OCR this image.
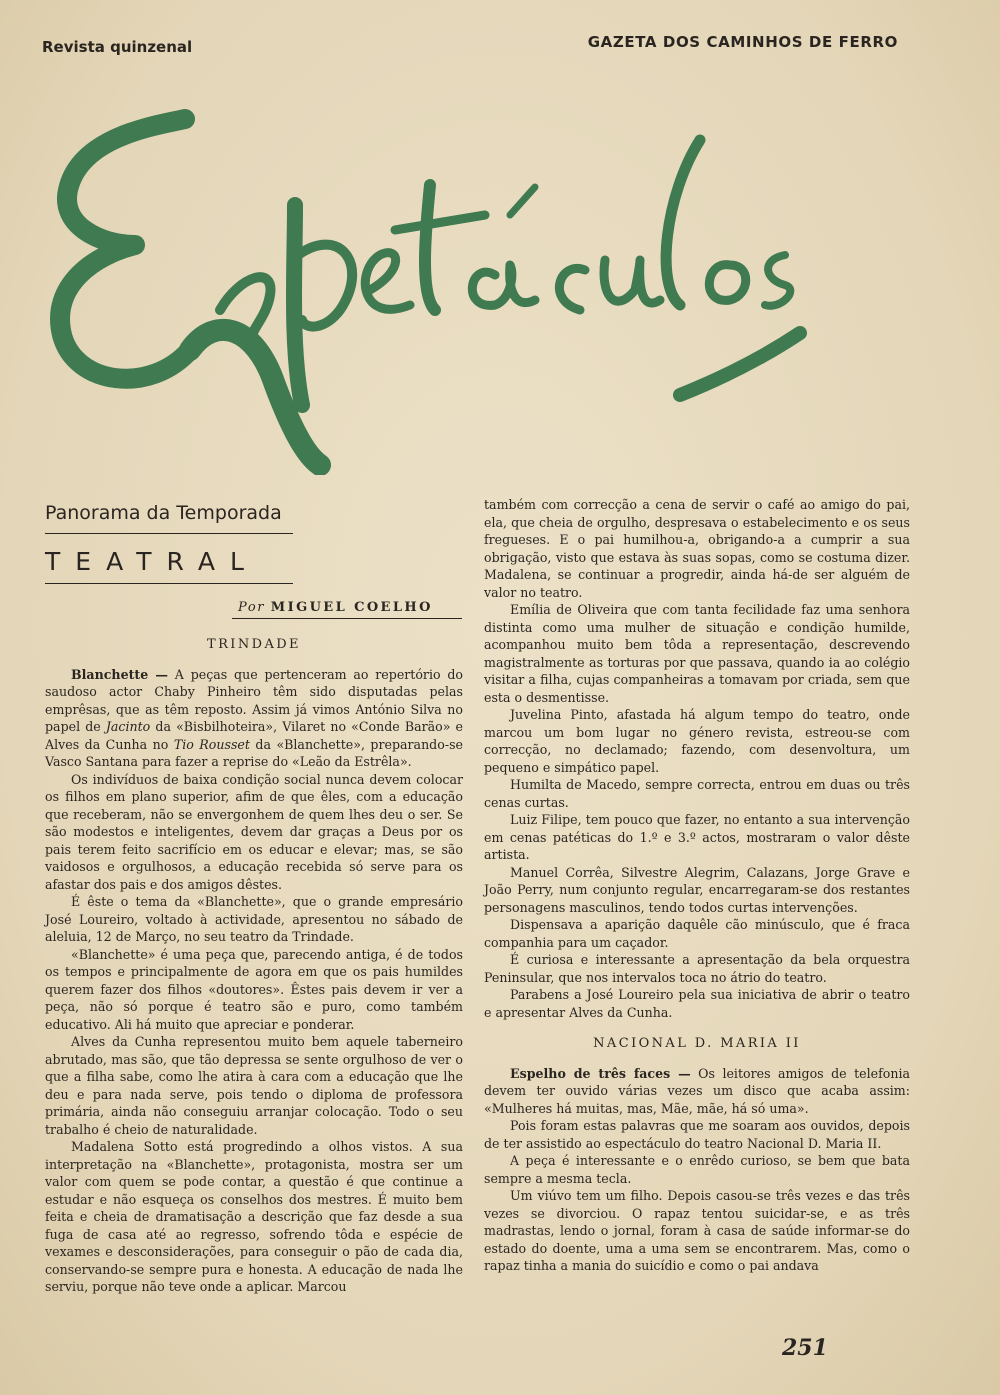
Revista quinzenal	GAZETA DOS CAMINHOS DE FERRO
Espetáculos
Panorama da Temporada
TEATRAL
Por MIGUEL COELHO

TRINDADE

Blanchette — A peças que pertenceram ao repertório do saudoso actor Chaby Pinheiro têm sido disputadas pelas emprêsas, que as têm reposto. Assim já vimos António Silva no papel de Jacinto da «Bisbilhoteira», Vilaret no «Conde Barão» e Alves da Cunha no Tio Rousset da «Blanchette», preparando-se Vasco Santana para fazer a reprise do «Leão da Estrêla».

Os indivíduos de baixa condição social nunca devem colocar os filhos em plano superior, afim de que êles, com a educação que receberam, não se envergonhem de quem lhes deu o ser. Se são modestos e inteligentes, devem dar graças a Deus por os pais terem feito sacrifício em os educar e elevar; mas, se são vaidosos e orgulhosos, a educação recebida só serve para os afastar dos pais e dos amigos dêstes.

É êste o tema da «Blanchette», que o grande empresário José Loureiro, voltado à actividade, apresentou no sábado de aleluia, 12 de Março, no seu teatro da Trindade.

«Blanchette» é uma peça que, parecendo antiga, é de todos os tempos e principalmente de agora em que os pais humildes querem fazer dos filhos «doutores». Êstes pais devem ir ver a peça, não só porque é teatro são e puro, como também educativo. Ali há muito que apreciar e ponderar.

Alves da Cunha representou muito bem aquele taberneiro abrutado, mas são, que tão depressa se sente orgulhoso de ver o que a filha sabe, como lhe atira à cara com a educação que lhe deu e para nada serve, pois tendo o diploma de professora primária, ainda não conseguiu arranjar colocação. Todo o seu trabalho é cheio de naturalidade.

Madalena Sotto está progredindo a olhos vistos. A sua interpretação na «Blanchette», protagonista, mostra ser um valor com quem se pode contar, a questão é que continue a estudar e não esqueça os conselhos dos mestres. É muito bem feita e cheia de dramatisação a descrição que faz desde a sua fuga de casa até ao regresso, sofrendo tôda e espécie de vexames e desconsiderações, para conseguir o pão de cada dia, conservando-se sempre pura e honesta. A educação de nada lhe serviu, porque não teve onde a aplicar. Marcou

também com correcção a cena de servir o café ao amigo do pai, ela, que cheia de orgulho, despresava o estabelecimento e os seus fregueses. E o pai humilhou-a, obrigando-a a cumprir a sua obrigação, visto que estava às suas sopas, como se costuma dizer. Madalena, se continuar a progredir, ainda há-de ser alguém de valor no teatro.

Emília de Oliveira que com tanta fecilidade faz uma senhora distinta como uma mulher de situação e condição humilde, acompanhou muito bem tôda a representação, descrevendo magistralmente as torturas por que passava, quando ia ao colégio visitar a filha, cujas companheiras a tomavam por criada, sem que esta o desmentisse.

Juvelina Pinto, afastada há algum tempo do teatro, onde marcou um bom lugar no género revista, estreou-se com correcção, no declamado; fazendo, com desenvoltura, um pequeno e simpático papel.

Humilta de Macedo, sempre correcta, entrou em duas ou três cenas curtas.

Luiz Filipe, tem pouco que fazer, no entanto a sua intervenção em cenas patéticas do 1.º e 3.º actos, mostraram o valor dêste artista.

Manuel Corrêa, Silvestre Alegrim, Calazans, Jorge Grave e João Perry, num conjunto regular, encarregaram-se dos restantes personagens masculinos, tendo todos curtas intervenções.

Dispensava a aparição daquêle cão minúsculo, que é fraca companhia para um caçador.

É curiosa e interessante a apresentação da bela orquestra Peninsular, que nos intervalos toca no átrio do teatro.

Parabens a José Loureiro pela sua iniciativa de abrir o teatro e apresentar Alves da Cunha.

NACIONAL D. MARIA II

Espelho de três faces — Os leitores amigos de telefonia devem ter ouvido várias vezes um disco que acaba assim: «Mulheres há muitas, mas, Mãe, mãe, há só uma».

Pois foram estas palavras que me soaram aos ouvidos, depois de ter assistido ao espectáculo do teatro Nacional D. Maria II.

A peça é interessante e o enrêdo curioso, se bem que bata sempre a mesma tecla.

Um viúvo tem um filho. Depois casou-se três vezes e das três vezes se divorciou. O rapaz tentou suicidar-se, e as três madrastas, lendo o jornal, foram à casa de saúde informar-se do estado do doente, uma a uma sem se encontrarem. Mas, como o rapaz tinha a mania do suicídio e como o pai andava

251
